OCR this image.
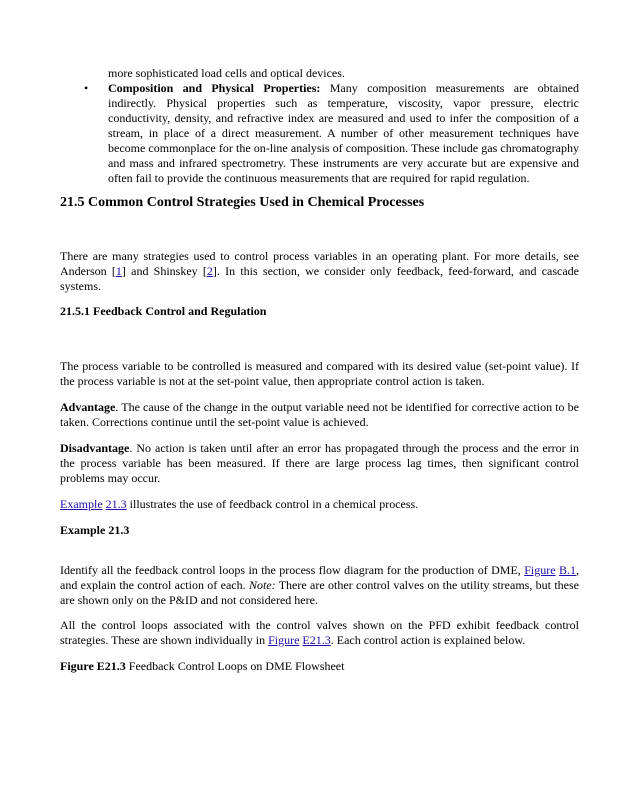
more sophisticated load cells and optical devices.
• Composition and Physical Properties: Many composition measurements are obtained indirectly. Physical properties such as temperature, viscosity, vapor pressure, electric conductivity, density, and refractive index are measured and used to infer the composition of a stream, in place of a direct measurement. A number of other measurement techniques have become commonplace for the on-line analysis of composition. These include gas chromatography and mass and infrared spectrometry. These instruments are very accurate but are expensive and often fail to provide the continuous measurements that are required for rapid regulation.

21.5 Common Control Strategies Used in Chemical Processes

There are many strategies used to control process variables in an operating plant. For more details, see Anderson [1] and Shinskey [2]. In this section, we consider only feedback, feed-forward, and cascade systems.

21.5.1 Feedback Control and Regulation

The process variable to be controlled is measured and compared with its desired value (set-point value). If the process variable is not at the set-point value, then appropriate control action is taken.

Advantage. The cause of the change in the output variable need not be identified for corrective action to be taken. Corrections continue until the set-point value is achieved.

Disadvantage. No action is taken until after an error has propagated through the process and the error in the process variable has been measured. If there are large process lag times, then significant control problems may occur.

Example 21.3 illustrates the use of feedback control in a chemical process.

Example 21.3

Identify all the feedback control loops in the process flow diagram for the production of DME, Figure B.1, and explain the control action of each. Note: There are other control valves on the utility streams, but these are shown only on the P&ID and not considered here.

All the control loops associated with the control valves shown on the PFD exhibit feedback control strategies. These are shown individually in Figure E21.3. Each control action is explained below.

Figure E21.3 Feedback Control Loops on DME Flowsheet
